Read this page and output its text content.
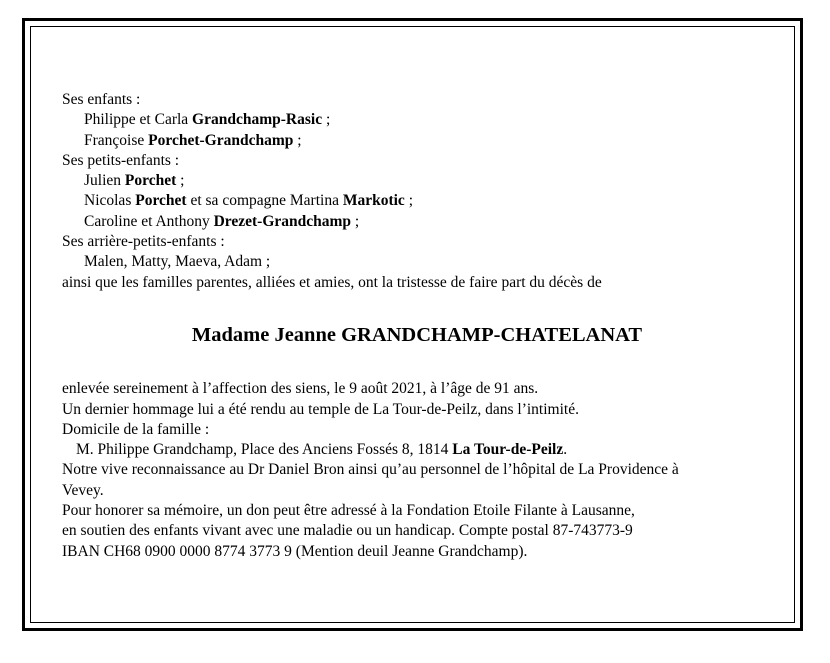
Ses enfants :
Philippe et Carla Grandchamp-Rasic ;
Françoise Porchet-Grandchamp ;
Ses petits-enfants :
Julien Porchet ;
Nicolas Porchet et sa compagne Martina Markotic ;
Caroline et Anthony Drezet-Grandchamp ;
Ses arrière-petits-enfants :
Malen, Matty, Maeva, Adam ;
ainsi que les familles parentes, alliées et amies, ont la tristesse de faire part du décès de
Madame Jeanne GRANDCHAMP-CHATELANAT
enlevée sereinement à l’affection des siens, le 9 août 2021, à l’âge de 91 ans.
Un dernier hommage lui a été rendu au temple de La Tour-de-Peilz, dans l’intimité.
Domicile de la famille :
M. Philippe Grandchamp, Place des Anciens Fossés 8, 1814 La Tour-de-Peilz.
Notre vive reconnaissance au Dr Daniel Bron ainsi qu’au personnel de l’hôpital de La Providence à
Vevey.
Pour honorer sa mémoire, un don peut être adressé à la Fondation Etoile Filante à Lausanne,
en soutien des enfants vivant avec une maladie ou un handicap. Compte postal 87-743773-9
IBAN CH68 0900 0000 8774 3773 9 (Mention deuil Jeanne Grandchamp).
